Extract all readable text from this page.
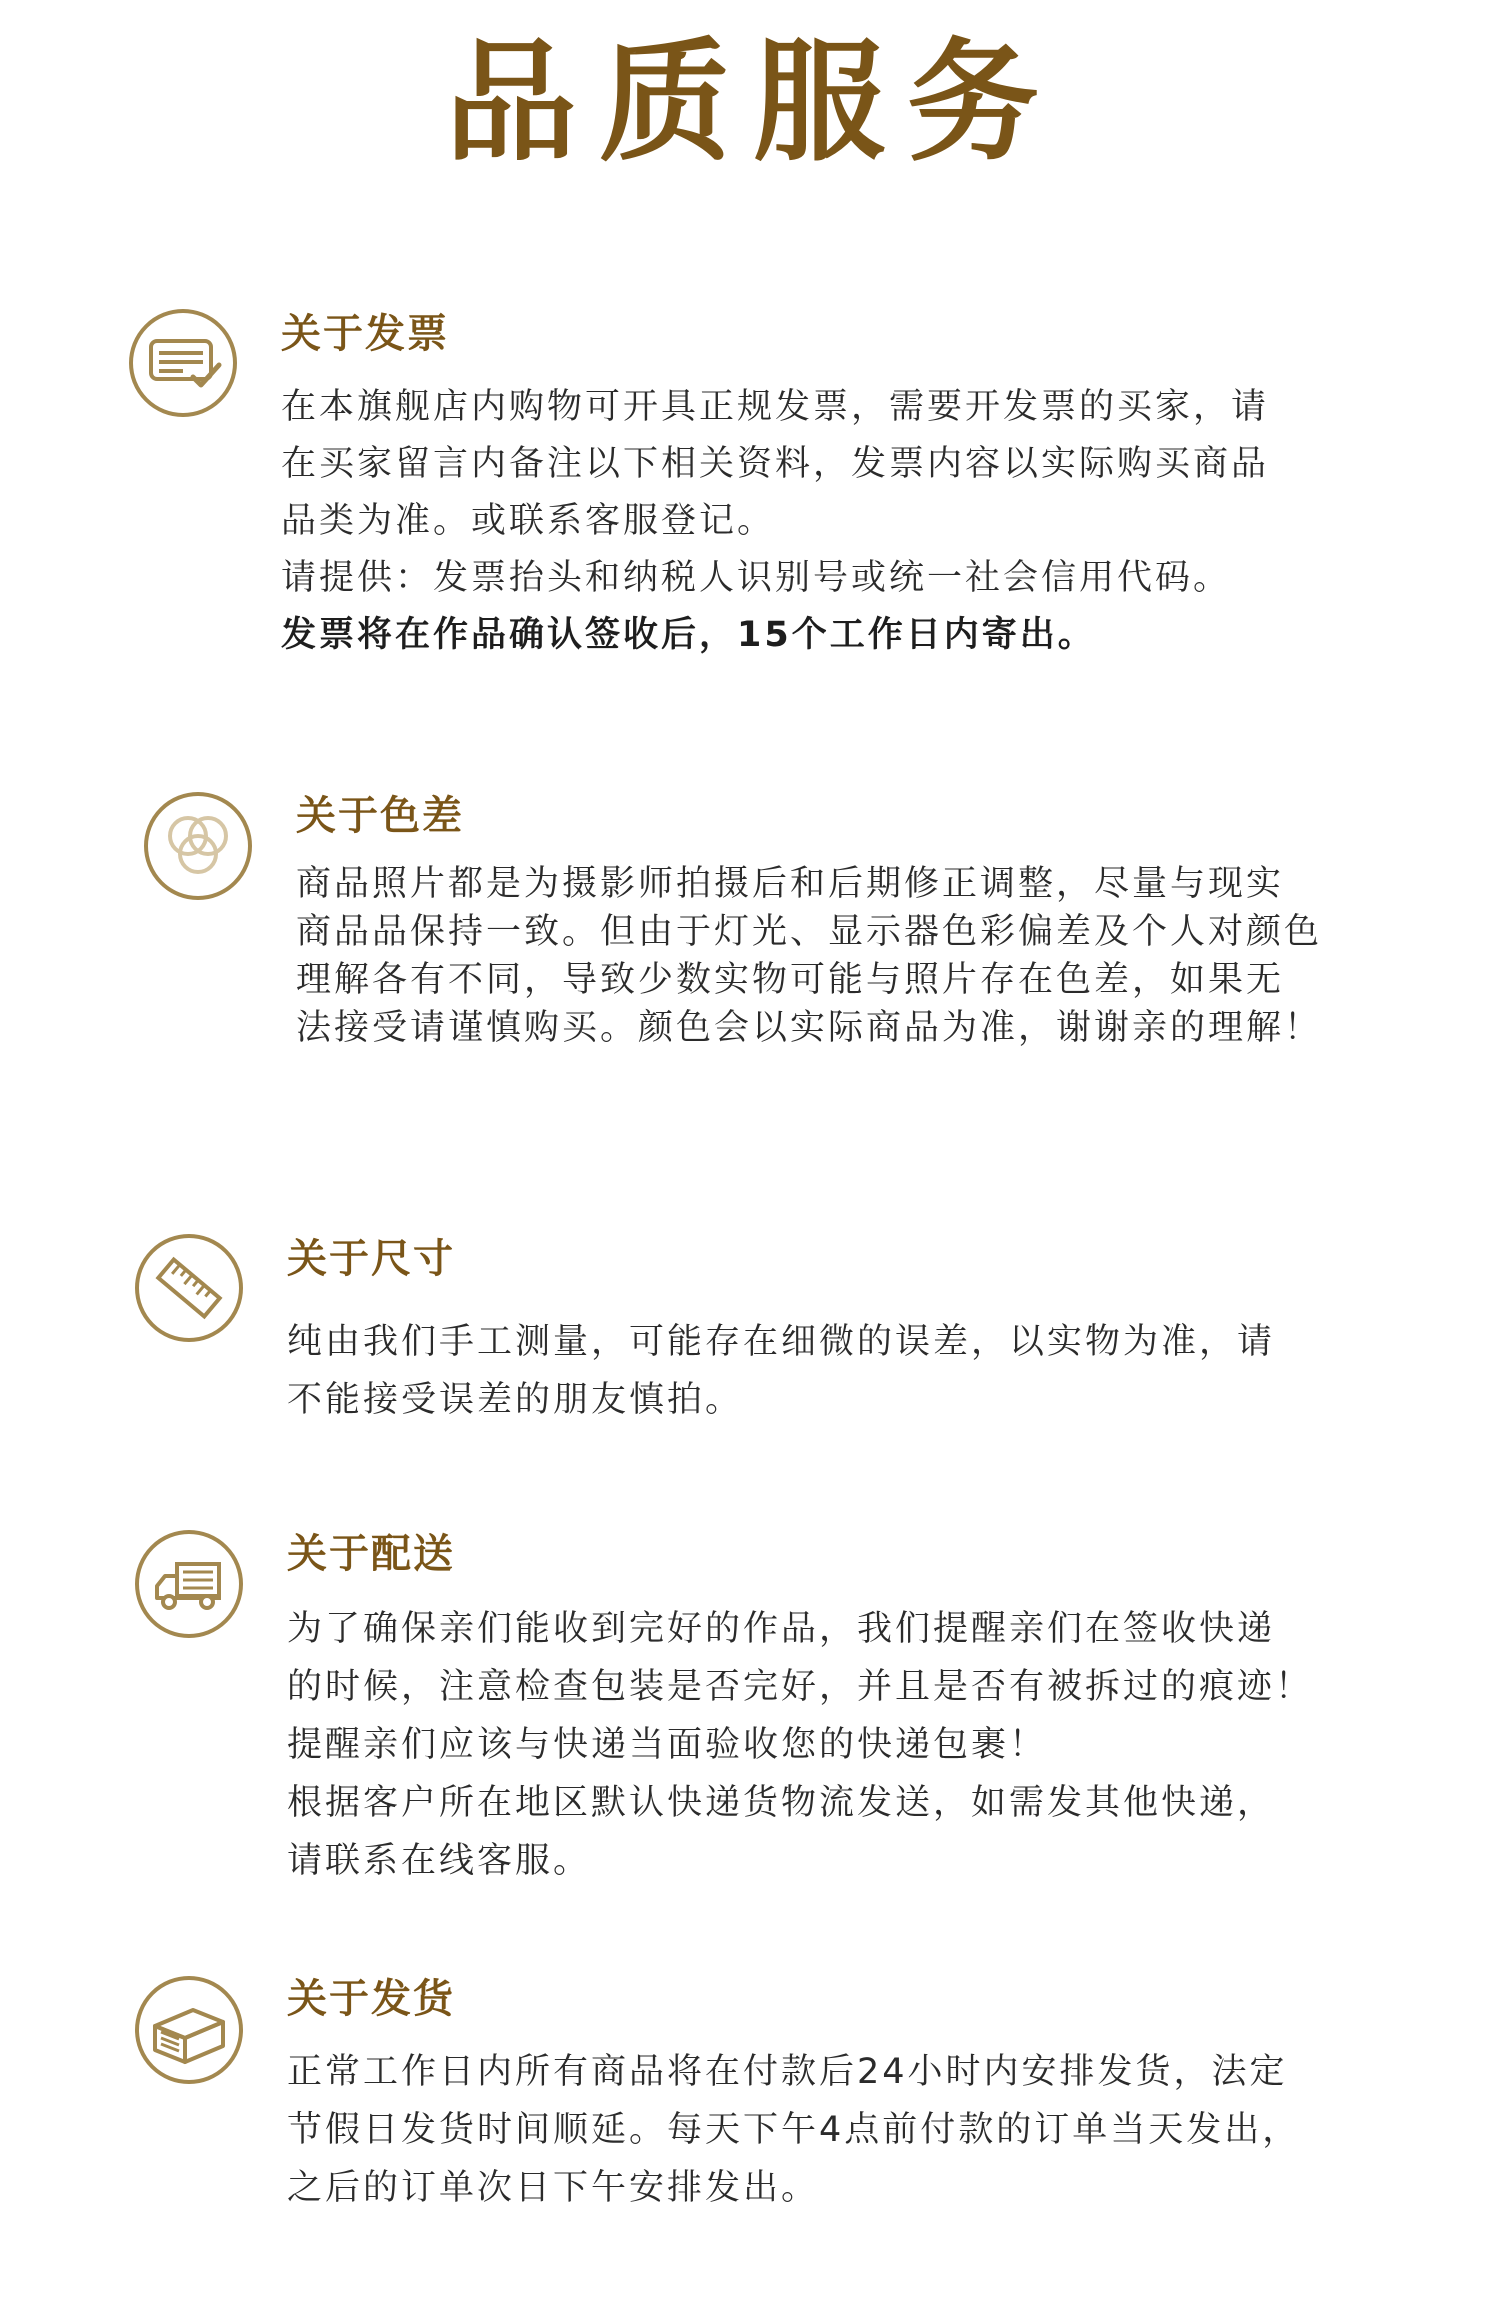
品质服务
关于发票
在本旗舰店内购物可开具正规发票，需要开发票的买家，请
在买家留言内备注以下相关资料，发票内容以实际购买商品
品类为准。或联系客服登记。
请提供：发票抬头和纳税人识别号或统一社会信用代码。
发票将在作品确认签收后，15个工作日内寄出。
关于色差
商品照片都是为摄影师拍摄后和后期修正调整，尽量与现实
商品品保持一致。但由于灯光、显示器色彩偏差及个人对颜色
理解各有不同，导致少数实物可能与照片存在色差，如果无
法接受请谨慎购买。颜色会以实际商品为准，谢谢亲的理解！
关于尺寸
纯由我们手工测量，可能存在细微的误差，以实物为准，请
不能接受误差的朋友慎拍。
关于配送
为了确保亲们能收到完好的作品，我们提醒亲们在签收快递
的时候，注意检查包装是否完好，并且是否有被拆过的痕迹！
提醒亲们应该与快递当面验收您的快递包裹！
根据客户所在地区默认快递货物流发送，如需发其他快递，
请联系在线客服。
关于发货
正常工作日内所有商品将在付款后24小时内安排发货，法定
节假日发货时间顺延。每天下午4点前付款的订单当天发出，
之后的订单次日下午安排发出。
